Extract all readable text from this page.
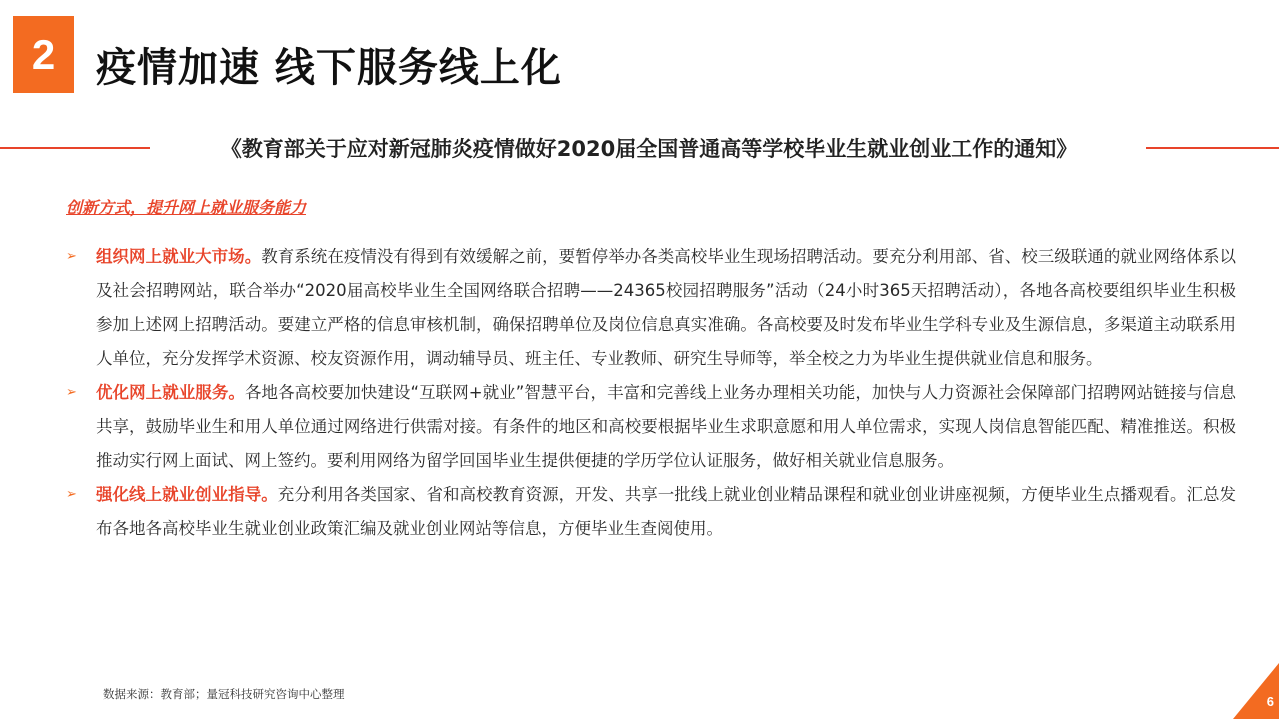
2 疫情加速 线下服务线上化
《教育部关于应对新冠肺炎疫情做好2020届全国普通高等学校毕业生就业创业工作的通知》
创新方式，提升网上就业服务能力
➢ 组织网上就业大市场。教育系统在疫情没有得到有效缓解之前，要暂停举办各类高校毕业生现场招聘活动。要充分利用部、省、校三级联通的就业网络体系以及社会招聘网站，联合举办“2020届高校毕业生全国网络联合招聘——24365校园招聘服务”活动（24小时365天招聘活动），各地各高校要组织毕业生积极参加上述网上招聘活动。要建立严格的信息审核机制，确保招聘单位及岗位信息真实准确。各高校要及时发布毕业生学科专业及生源信息，多渠道主动联系用人单位，充分发挥学术资源、校友资源作用，调动辅导员、班主任、专业教师、研究生导师等，举全校之力为毕业生提供就业信息和服务。
➢ 优化网上就业服务。各地各高校要加快建设“互联网+就业”智慧平台，丰富和完善线上业务办理相关功能，加快与人力资源社会保障部门招聘网站链接与信息共享，鼓励毕业生和用人单位通过网络进行供需对接。有条件的地区和高校要根据毕业生求职意愿和用人单位需求，实现人岗信息智能匹配、精准推送。积极推动实行网上面试、网上签约。要利用网络为留学回国毕业生提供便捷的学历学位认证服务，做好相关就业信息服务。
➢ 强化线上就业创业指导。充分利用各类国家、省和高校教育资源，开发、共享一批线上就业创业精品课程和就业创业讲座视频，方便毕业生点播观看。汇总发布各地各高校毕业生就业创业政策汇编及就业创业网站等信息，方便毕业生查阅使用。
数据来源：教育部；量冠科技研究咨询中心整理	6
